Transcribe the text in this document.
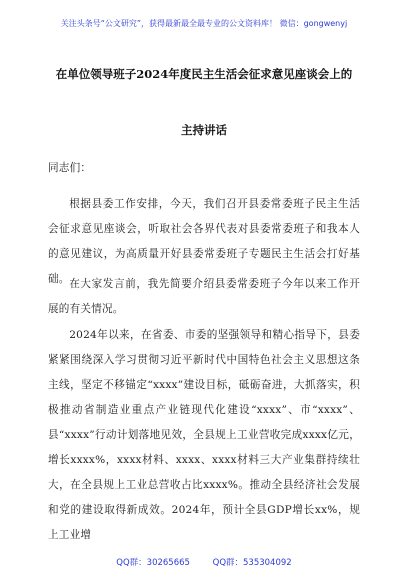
关注头条号“公文研究”，获得最新最全最专业的公文资料库！ 微信：gongwenyj
在单位领导班子2024年度民主生活会征求意见座谈会上的
主持讲话
同志们：
根据县委工作安排，今天，我们召开县委常委班子民主生活会征求意见座谈会，听取社会各界代表对县委常委班子和我本人的意见建议，为高质量开好县委常委班子专题民主生活会打好基础。 在大家发言前，我先简要介绍县委常委班子今年以来工作开展的有关情况。
2024年以来，在省委、市委的坚强领导和精心指导下，县委紧紧围绕深入学习贯彻习近平新时代中国特色社会主义思想这条主线，坚定不移锚定“xxxx”建设目标，砥砺奋进，大抓落实，积极推动省制造业重点产业链现代化建设“xxxx”、市“xxxx”、县“xxxx”行动计划落地见效，全县规上工业营收完成xxxx亿元，增长xxxx%，xxxx材料、xxxx、xxxx材料三大产业集群持续壮大，在全县规上工业总营收占比xxxx%。推动全县经济社会发展和党的建设取得新成效。2024年，预计全县GDP增长xx%，规上工业增
QQ群：30265665	QQ群：535304092
